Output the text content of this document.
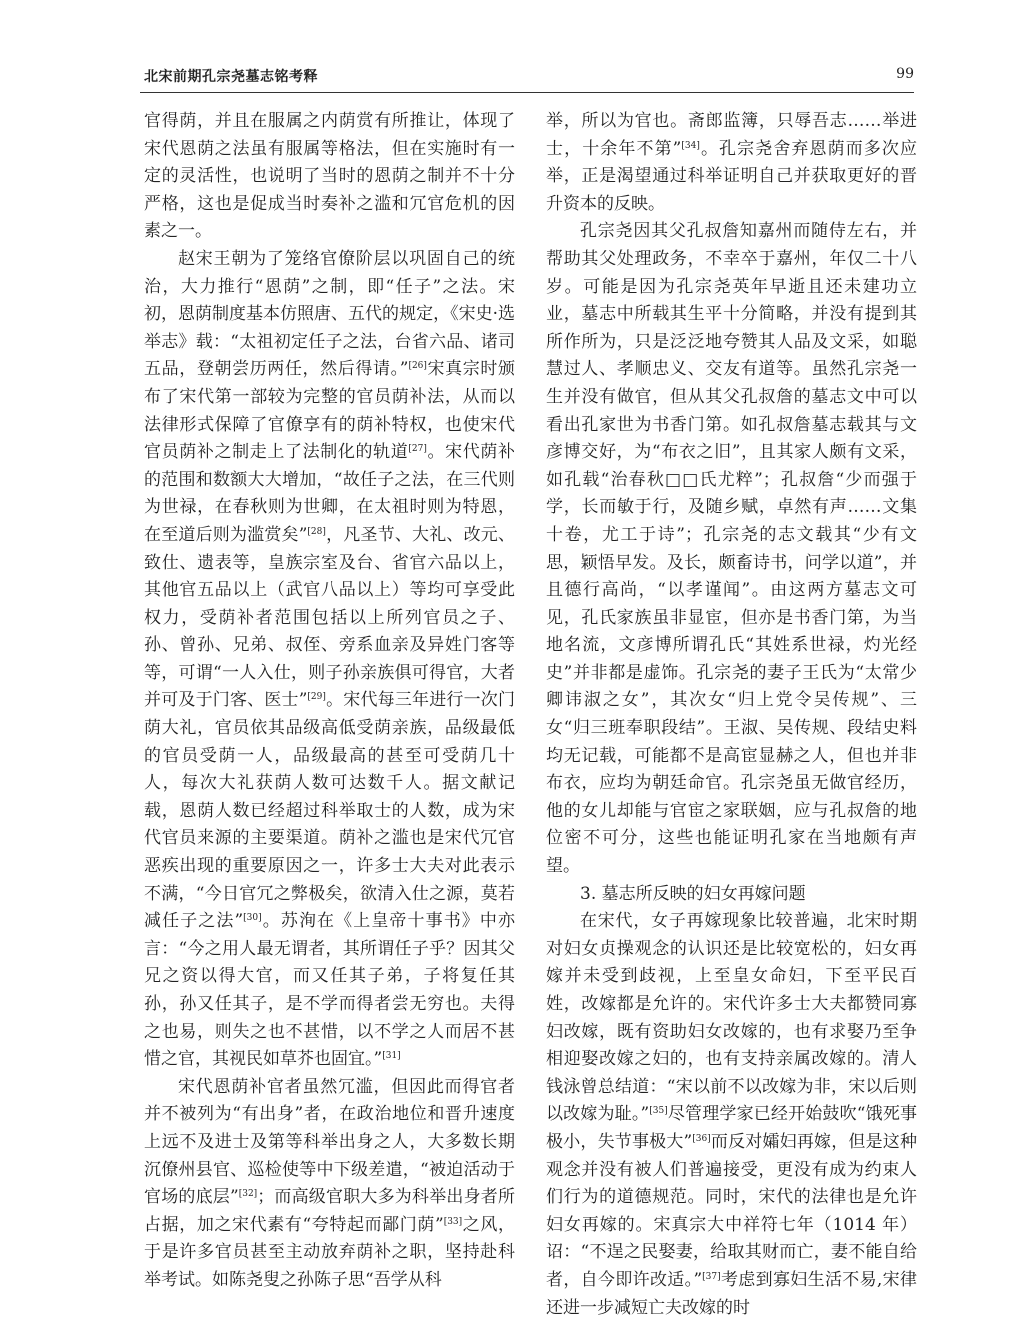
北宋前期孔宗尧墓志铭考释	99

官得荫，并且在服属之内荫赏有所推让，体现了宋代恩荫之法虽有服属等格法，但在实施时有一定的灵活性，也说明了当时的恩荫之制并不十分严格，这也是促成当时奏补之滥和冗官危机的因素之一。

赵宋王朝为了笼络官僚阶层以巩固自己的统治，大力推行“恩荫”之制，即“任子”之法。宋初，恩荫制度基本仿照唐、五代的规定，《宋史·选举志》载：“太祖初定任子之法，台省六品、诸司五品，登朝尝历两任，然后得请。”[26]宋真宗时颁布了宋代第一部较为完整的官员荫补法，从而以法律形式保障了官僚享有的荫补特权，也使宋代官员荫补之制走上了法制化的轨道[27]。宋代荫补的范围和数额大大增加，“故任子之法，在三代则为世禄，在春秋则为世卿，在太祖时则为特恩，在至道后则为滥赏矣”[28]，凡圣节、大礼、改元、致仕、遗表等，皇族宗室及台、省官六品以上，其他官五品以上（武官八品以上）等均可享受此权力，受荫补者范围包括以上所列官员之子、孙、曾孙、兄弟、叔侄、旁系血亲及异姓门客等等，可谓“一人入仕，则子孙亲族俱可得官，大者并可及于门客、医士”[29]。宋代每三年进行一次门荫大礼，官员依其品级高低受荫亲族，品级最低的官员受荫一人，品级最高的甚至可受荫几十人，每次大礼获荫人数可达数千人。据文献记载，恩荫人数已经超过科举取士的人数，成为宋代官员来源的主要渠道。荫补之滥也是宋代冗官恶疾出现的重要原因之一，许多士大夫对此表示不满，“今日官冗之弊极矣，欲清入仕之源，莫若减任子之法”[30]。苏洵在《上皇帝十事书》中亦言：“今之用人最无谓者，其所谓任子乎？因其父兄之资以得大官，而又任其子弟，子将复任其孙，孙又任其子，是不学而得者尝无穷也。夫得之也易，则失之也不甚惜，以不学之人而居不甚惜之官，其视民如草芥也固宜。”[31]

宋代恩荫补官者虽然冗滥，但因此而得官者并不被列为“有出身”者，在政治地位和晋升速度上远不及进士及第等科举出身之人，大多数长期沉僚州县官、巡检使等中下级差遣，“被迫活动于官场的底层”[32]；而高级官职大多为科举出身者所占据，加之宋代素有“夸特起而鄙门荫”[33]之风，于是许多官员甚至主动放弃荫补之职，坚持赴科举考试。如陈尧叟之孙陈子思“吾学从科

举，所以为官也。斋郎监簿，只辱吾志……举进士，十余年不第”[34]。孔宗尧舍弃恩荫而多次应举，正是渴望通过科举证明自己并获取更好的晋升资本的反映。

孔宗尧因其父孔叔詹知嘉州而随侍左右，并帮助其父处理政务，不幸卒于嘉州，年仅二十八岁。可能是因为孔宗尧英年早逝且还未建功立业，墓志中所载其生平十分简略，并没有提到其所作所为，只是泛泛地夸赞其人品及文采，如聪慧过人、孝顺忠义、交友有道等。虽然孔宗尧一生并没有做官，但从其父孔叔詹的墓志文中可以看出孔家世为书香门第。如孔叔詹墓志载其与文彦博交好，为“布衣之旧”，且其家人颇有文采，如孔载“治春秋□□氏尤粹”；孔叔詹“少而强于学，长而敏于行，及随乡赋，卓然有声……文集十卷，尤工于诗”；孔宗尧的志文载其“少有文思，颖悟早发。及长，颇畜诗书，问学以道”，并且德行高尚，“以孝谨闻”。由这两方墓志文可见，孔氏家族虽非显宦，但亦是书香门第，为当地名流，文彦博所谓孔氏“其姓系世禄，灼光经史”并非都是虚饰。孔宗尧的妻子王氏为“太常少卿讳淑之女”，其次女“归上党令吴传规”、三女“归三班奉职段结”。王淑、吴传规、段结史料均无记载，可能都不是高宦显赫之人，但也并非布衣，应均为朝廷命官。孔宗尧虽无做官经历，他的女儿却能与官宦之家联姻，应与孔叔詹的地位密不可分，这些也能证明孔家在当地颇有声望。

3. 墓志所反映的妇女再嫁问题

在宋代，女子再嫁现象比较普遍，北宋时期对妇女贞操观念的认识还是比较宽松的，妇女再嫁并未受到歧视，上至皇女命妇，下至平民百姓，改嫁都是允许的。宋代许多士大夫都赞同寡妇改嫁，既有资助妇女改嫁的，也有求娶乃至争相迎娶改嫁之妇的，也有支持亲属改嫁的。清人钱泳曾总结道：“宋以前不以改嫁为非，宋以后则以改嫁为耻。”[35]尽管理学家已经开始鼓吹“饿死事极小，失节事极大”[36]而反对孀妇再嫁，但是这种观念并没有被人们普遍接受，更没有成为约束人们行为的道德规范。同时，宋代的法律也是允许妇女再嫁的。宋真宗大中祥符七年（1014 年）诏：“不逞之民娶妻，给取其财而亡，妻不能自给者，自今即许改适。”[37]考虑到寡妇生活不易,宋律还进一步减短亡夫改嫁的时
